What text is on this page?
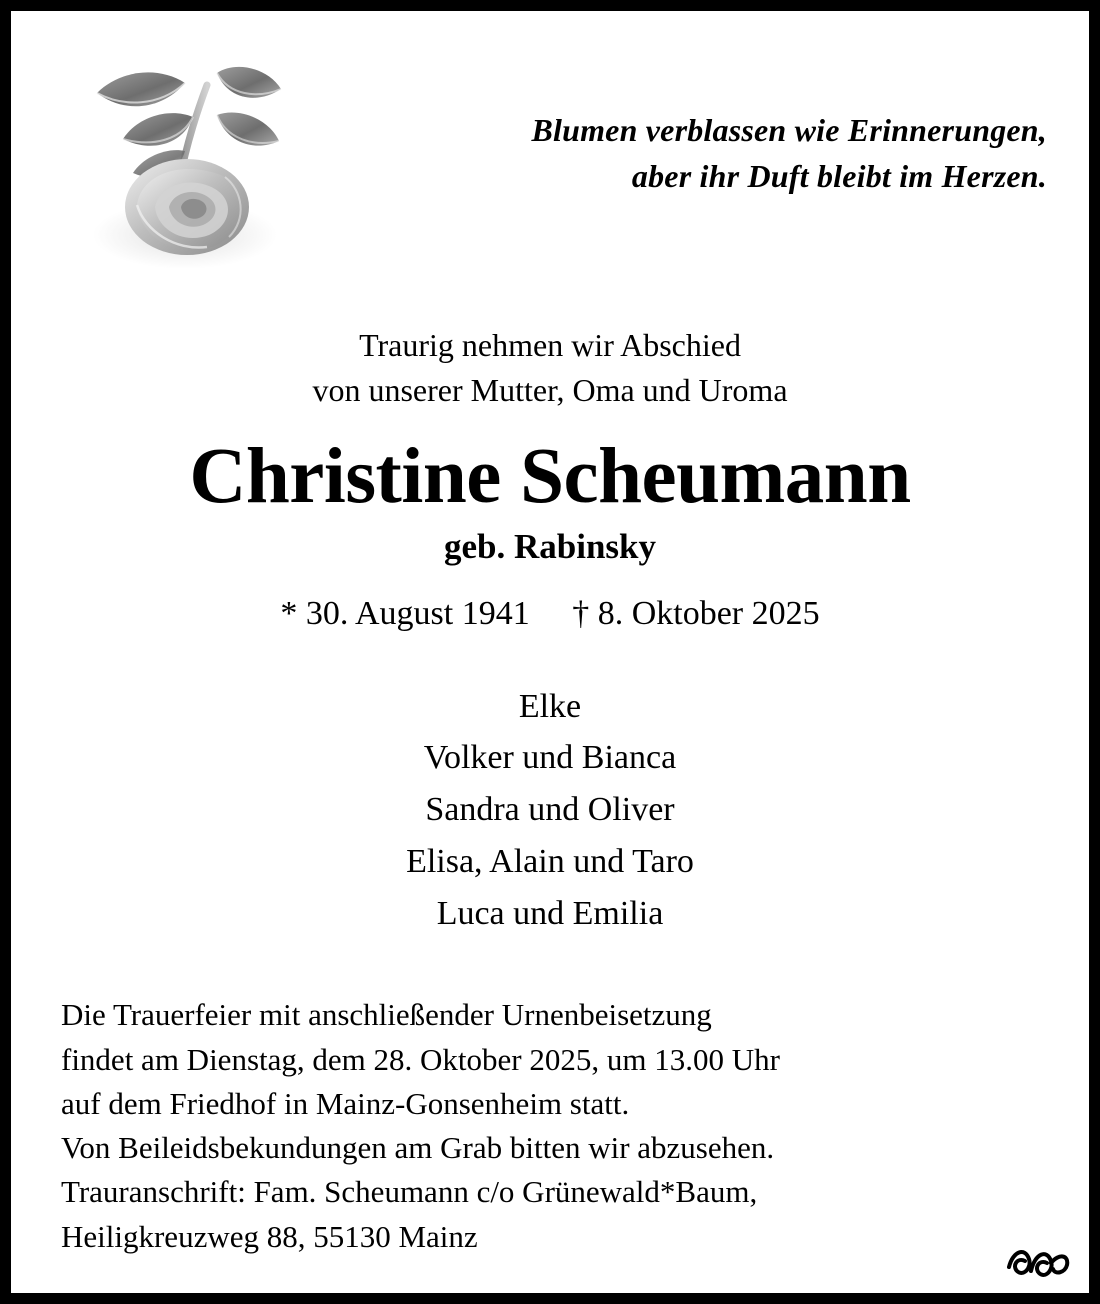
Blumen verblassen wie Erinnerungen,
aber ihr Duft bleibt im Herzen.
Traurig nehmen wir Abschied
von unserer Mutter, Oma und Uroma
Christine Scheumann
geb. Rabinsky
* 30. August 1941     † 8. Oktober 2025
Elke
Volker und Bianca
Sandra und Oliver
Elisa, Alain und Taro
Luca und Emilia
Die Trauerfeier mit anschließender Urnenbeisetzung
findet am Dienstag, dem 28. Oktober 2025, um 13.00 Uhr
auf dem Friedhof in Mainz-Gonsenheim statt.
Von Beileidsbekundungen am Grab bitten wir abzusehen.
Trauranschrift: Fam. Scheumann c/o Grünewald*Baum,
Heiligkreuzweg 88, 55130 Mainz
